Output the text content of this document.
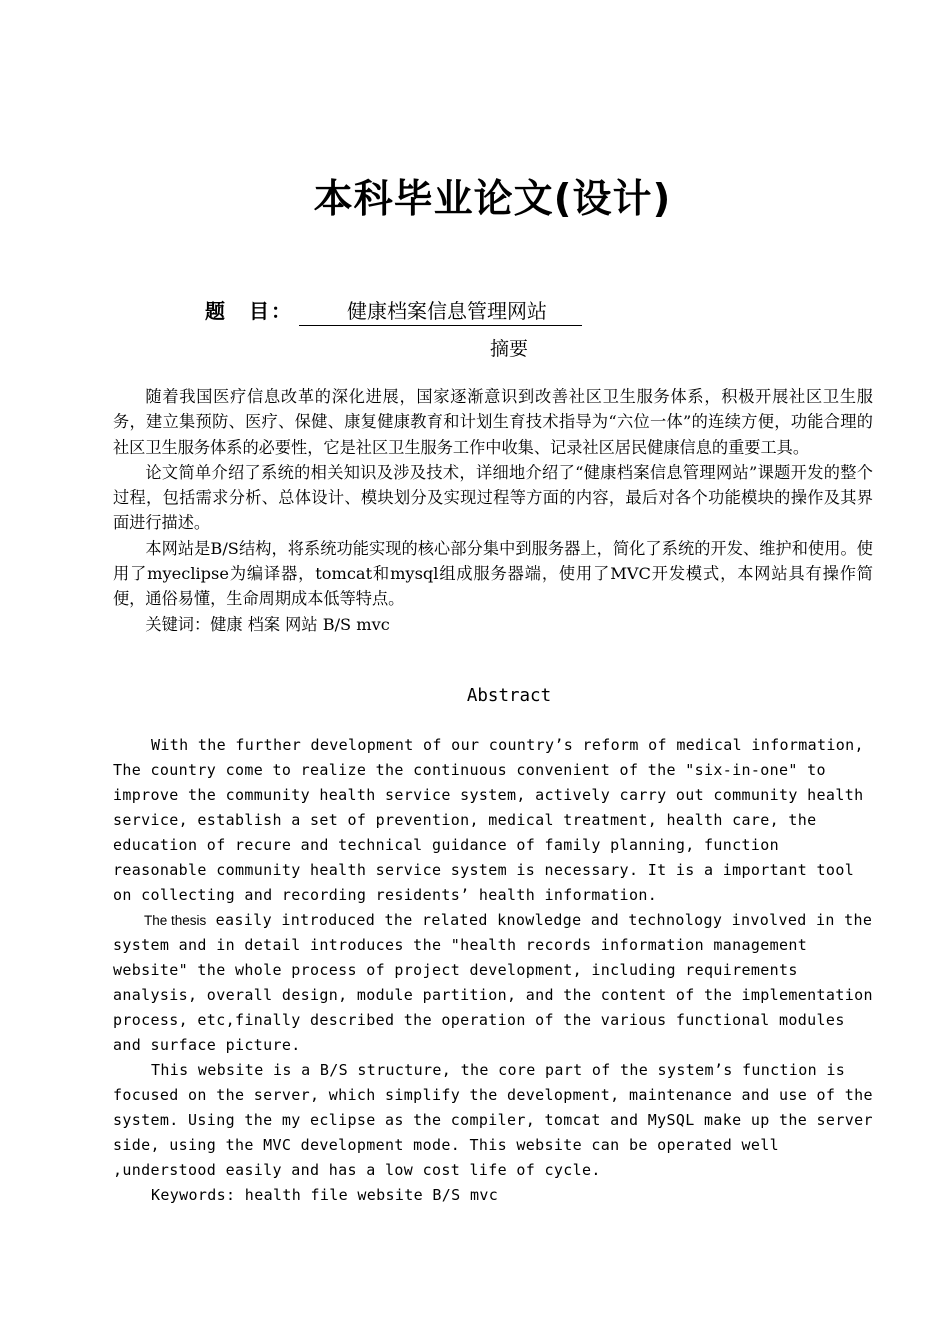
本科毕业论文(设计)
题　目：	健康档案信息管理网站
摘要

随着我国医疗信息改革的深化进展，国家逐渐意识到改善社区卫生服务体系，积极开展社区卫生服务，建立集预防、医疗、保健、康复健康教育和计划生育技术指导为“六位一体”的连续方便，功能合理的社区卫生服务体系的必要性，它是社区卫生服务工作中收集、记录社区居民健康信息的重要工具。

论文简单介绍了系统的相关知识及涉及技术，详细地介绍了“健康档案信息管理网站”课题开发的整个过程，包括需求分析、总体设计、模块划分及实现过程等方面的内容，最后对各个功能模块的操作及其界面进行描述。

本网站是B/S结构，将系统功能实现的核心部分集中到服务器上，简化了系统的开发、维护和使用。使用了myeclipse为编译器，tomcat和mysql组成服务器端，使用了MVC开发模式，本网站具有操作简便，通俗易懂，生命周期成本低等特点。

关键词：健康 档案 网站 B/S mvc

Abstract

With the further development of our country’s reform of medical information, The country come to realize the continuous convenient of the "six-in-one" to improve the community health service system, actively carry out community health service, establish a set of prevention, medical treatment, health care, the education of recure and technical guidance of family planning, function reasonable community health service system is necessary. It is a important tool on collecting and recording residents’ health information.

The thesis easily introduced the related knowledge and technology involved in the system and in detail introduces the "health records information management website" the whole process of project development, including requirements analysis, overall design, module partition, and the content of the implementation process, etc,finally described the operation of the various functional modules and surface picture.

This website is a B/S structure, the core part of the system’s function is focused on the server, which simplify the development, maintenance and use of the system. Using the my eclipse as the compiler, tomcat and MySQL make up the server side, using the MVC development mode. This website can be operated well ,understood easily and has a low cost life of cycle.

Keywords: health file website B/S mvc
